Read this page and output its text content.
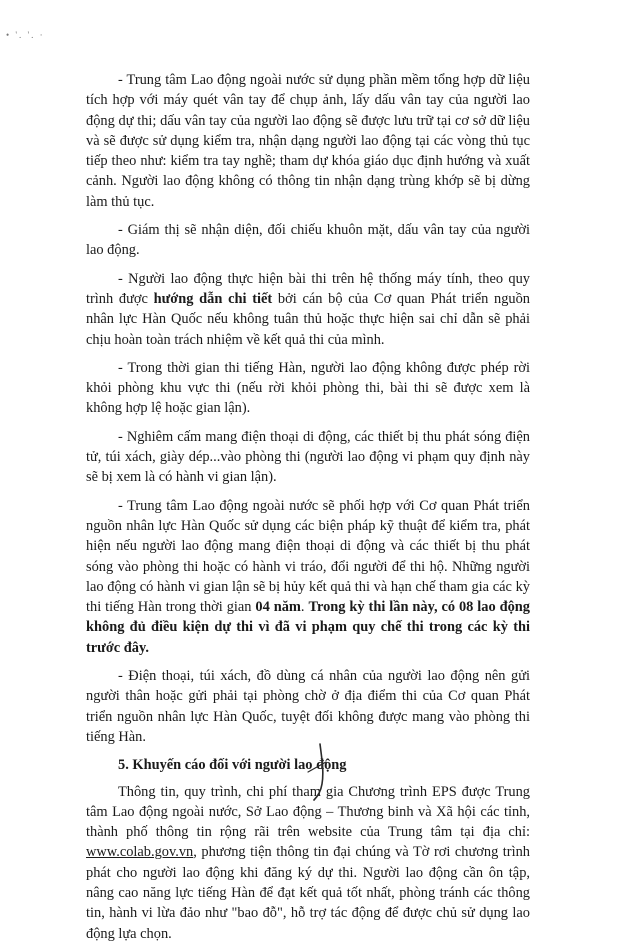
• '. '. ·

- Trung tâm Lao động ngoài nước sử dụng phần mềm tổng hợp dữ liệu tích hợp với máy quét vân tay để chụp ảnh, lấy dấu vân tay của người lao động dự thi; dấu vân tay của người lao động sẽ được lưu trữ tại cơ sở dữ liệu và sẽ được sử dụng kiểm tra, nhận dạng người lao động tại các vòng thủ tục tiếp theo như: kiểm tra tay nghề; tham dự khóa giáo dục định hướng và xuất cảnh. Người lao động không có thông tin nhận dạng trùng khớp sẽ bị dừng làm thủ tục.

- Giám thị sẽ nhận diện, đối chiếu khuôn mặt, dấu vân tay của người lao động.

- Người lao động thực hiện bài thi trên hệ thống máy tính, theo quy trình được hướng dẫn chi tiết bởi cán bộ của Cơ quan Phát triển nguồn nhân lực Hàn Quốc nếu không tuân thủ hoặc thực hiện sai chỉ dẫn sẽ phải chịu hoàn toàn trách nhiệm về kết quả thi của mình.

- Trong thời gian thi tiếng Hàn, người lao động không được phép rời khỏi phòng khu vực thi (nếu rời khỏi phòng thi, bài thi sẽ được xem là không hợp lệ hoặc gian lận).

- Nghiêm cấm mang điện thoại di động, các thiết bị thu phát sóng điện tử, túi xách, giày dép...vào phòng thi (người lao động vi phạm quy định này sẽ bị xem là có hành vi gian lận).

- Trung tâm Lao động ngoài nước sẽ phối hợp với Cơ quan Phát triển nguồn nhân lực Hàn Quốc sử dụng các biện pháp kỹ thuật để kiểm tra, phát hiện nếu người lao động mang điện thoại di động và các thiết bị thu phát sóng vào phòng thi hoặc có hành vi tráo, đổi người để thi hộ. Những người lao động có hành vi gian lận sẽ bị hủy kết quả thi và hạn chế tham gia các kỳ thi tiếng Hàn trong thời gian 04 năm. Trong kỳ thi lần này, có 08 lao động không đủ điều kiện dự thi vì đã vi phạm quy chế thi trong các kỳ thi trước đây.

- Điện thoại, túi xách, đồ dùng cá nhân của người lao động nên gửi người thân hoặc gửi phải tại phòng chờ ở địa điểm thi của Cơ quan Phát triển nguồn nhân lực Hàn Quốc, tuyệt đối không được mang vào phòng thi tiếng Hàn.

5. Khuyến cáo đối với người lao động

Thông tin, quy trình, chi phí tham gia Chương trình EPS được Trung tâm Lao động ngoài nước, Sở Lao động – Thương binh và Xã hội các tỉnh, thành phố thông tin rộng rãi trên website của Trung tâm tại địa chỉ: www.colab.gov.vn, phương tiện thông tin đại chúng và Tờ rơi chương trình phát cho người lao động khi đăng ký dự thi. Người lao động cần ôn tập, nâng cao năng lực tiếng Hàn để đạt kết quả tốt nhất, phòng tránh các thông tin, hành vi lừa đảo như "bao đỗ", hỗ trợ tác động để được chủ sử dụng lao động lựa chọn.
